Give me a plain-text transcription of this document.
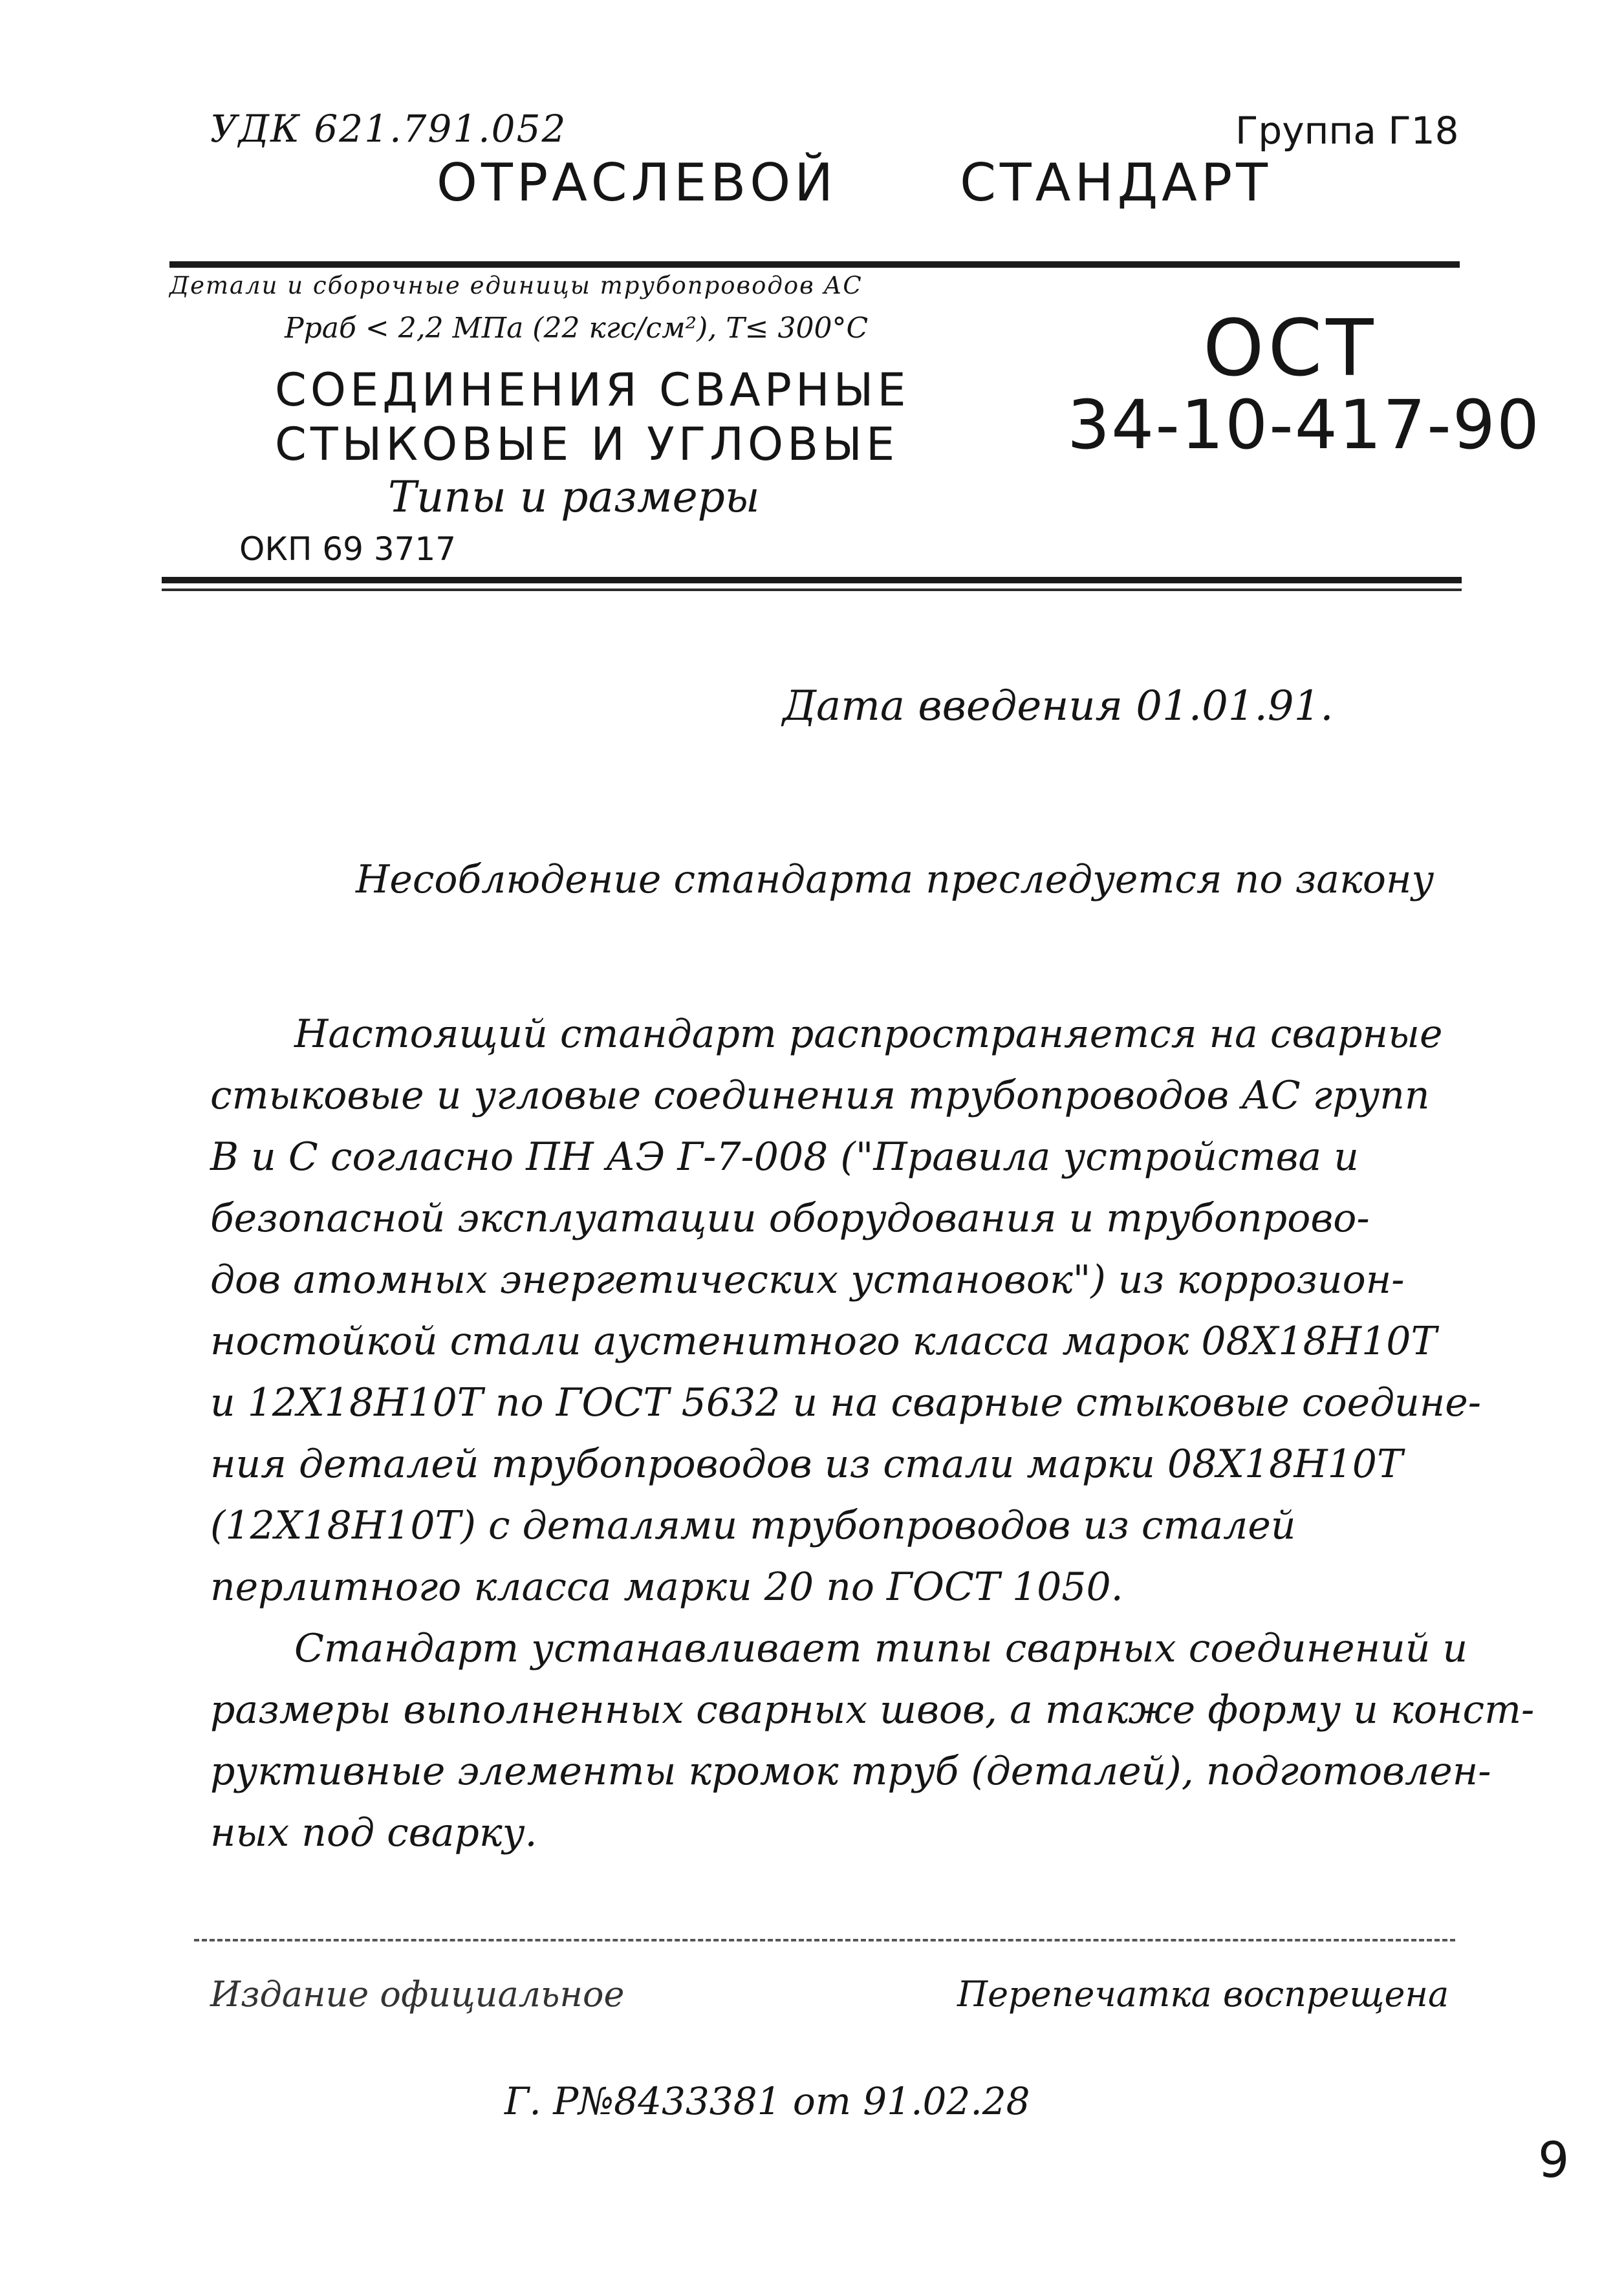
УДК 621.791.052	Группа Г18
ОТРАСЛЕВОЙ СТАНДАРТ
Детали и сборочные единицы трубопроводов АС
Рраб < 2,2 МПа (22 кгс/см²), Т≤ 300°С
СОЕДИНЕНИЯ СВАРНЫЕ
СТЫКОВЫЕ И УГЛОВЫЕ
Типы и размеры
ОКП 69 3717
ОСТ
34-10-417-90
Дата введения 01.01.91.
Несоблюдение стандарта преследуется по закону
Настоящий стандарт распространяется на сварные
стыковые и угловые соединения трубопроводов АС групп
В и С согласно ПН АЭ Г-7-008 ("Правила устройства и
безопасной эксплуатации оборудования и трубопрово-
дов атомных энергетических установок") из коррозион-
ностойкой стали аустенитного класса марок 08Х18Н10Т
и 12Х18Н10Т по ГОСТ 5632 и на сварные стыковые соедине-
ния деталей трубопроводов из стали марки 08Х18Н10Т
(12Х18Н10Т) с деталями трубопроводов из сталей
перлитного класса марки 20 по ГОСТ 1050.
Стандарт устанавливает типы сварных соединений и
размеры выполненных сварных швов, а также форму и конст-
руктивные элементы кромок труб (деталей), подготовлен-
ных под сварку.
Издание официальное	Перепечатка воспрещена
Г. Р№8433381 от 91.02.28
9
